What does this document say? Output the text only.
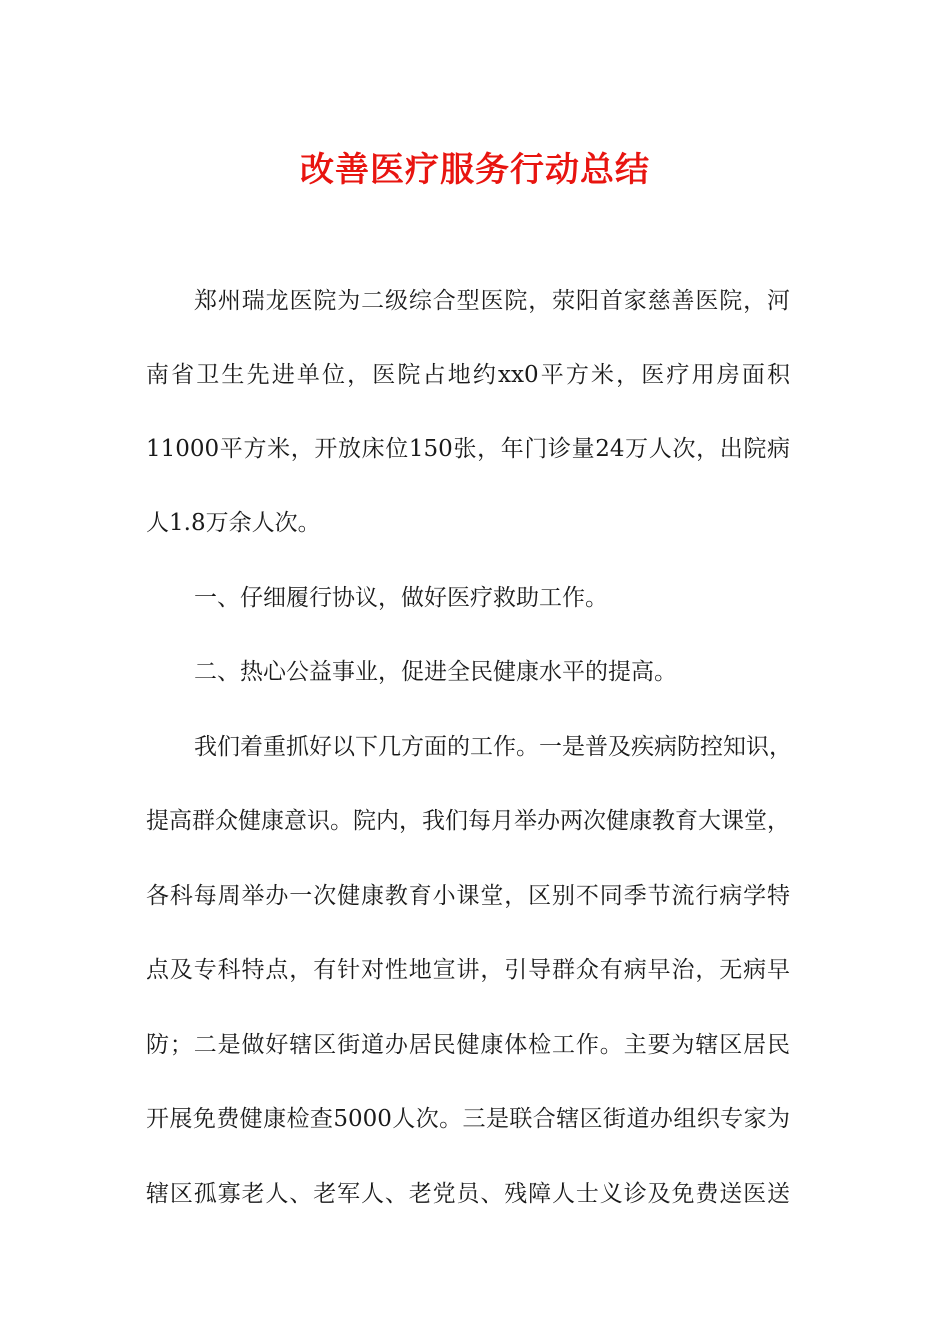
改善医疗服务行动总结
郑州瑞龙医院为二级综合型医院，荥阳首家慈善医院，河
南省卫生先进单位，医院占地约xx0平方米，医疗用房面积
11000平方米，开放床位150张，年门诊量24万人次，出院病
人1.8万余人次。
一、仔细履行协议，做好医疗救助工作。
二、热心公益事业，促进全民健康水平的提高。
我们着重抓好以下几方面的工作。一是普及疾病防控知识，
提高群众健康意识。院内，我们每月举办两次健康教育大课堂，
各科每周举办一次健康教育小课堂，区别不同季节流行病学特
点及专科特点，有针对性地宣讲，引导群众有病早治，无病早
防；二是做好辖区街道办居民健康体检工作。主要为辖区居民
开展免费健康检查5000人次。三是联合辖区街道办组织专家为
辖区孤寡老人、老军人、老党员、残障人士义诊及免费送医送
